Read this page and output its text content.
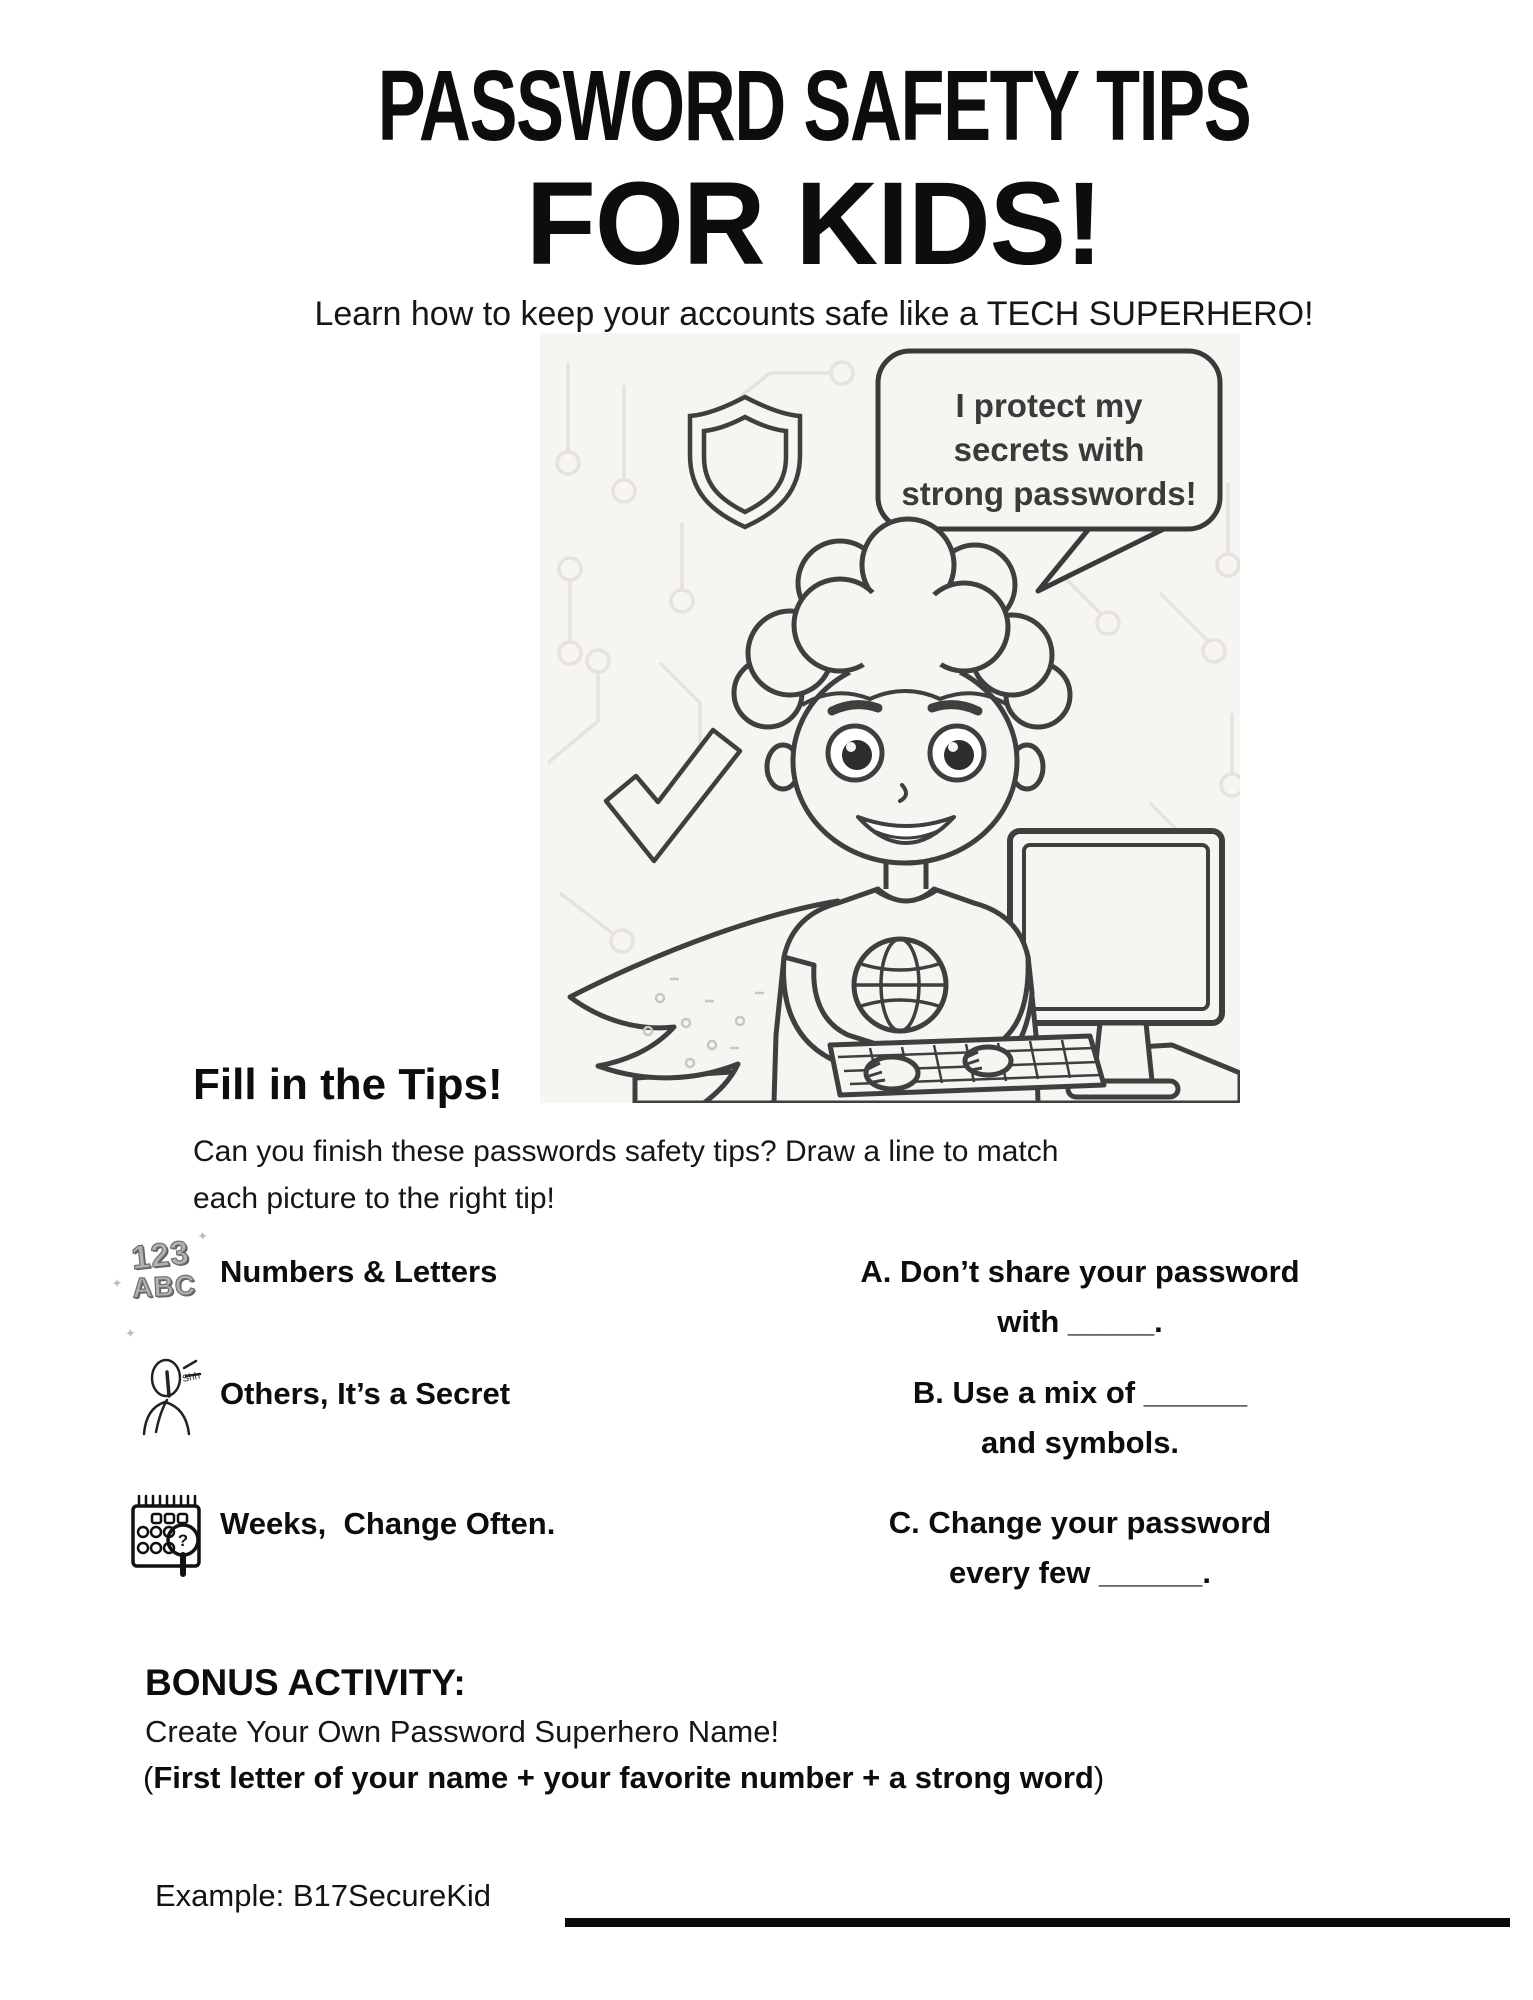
PASSWORD SAFETY TIPS
FOR KIDS!
Learn how to keep your accounts safe like a TECH SUPERHERO!
I protect my
secrets with
strong passwords!
Fill in the Tips!
Can you finish these passwords safety tips? Draw a line to match
each picture to the right tip!
123
ABC
✦
✦
✦
Numbers & Letters
Shh Others, It’s a Secret
? Weeks,  Change Often.
A. Don’t share your password
with _____.
B. Use a mix of ______
and symbols.
C. Change your password
every few ______.
BONUS ACTIVITY:
Create Your Own Password Superhero Name!
(First letter of your name + your favorite number + a strong word)
Example: B17SecureKid
